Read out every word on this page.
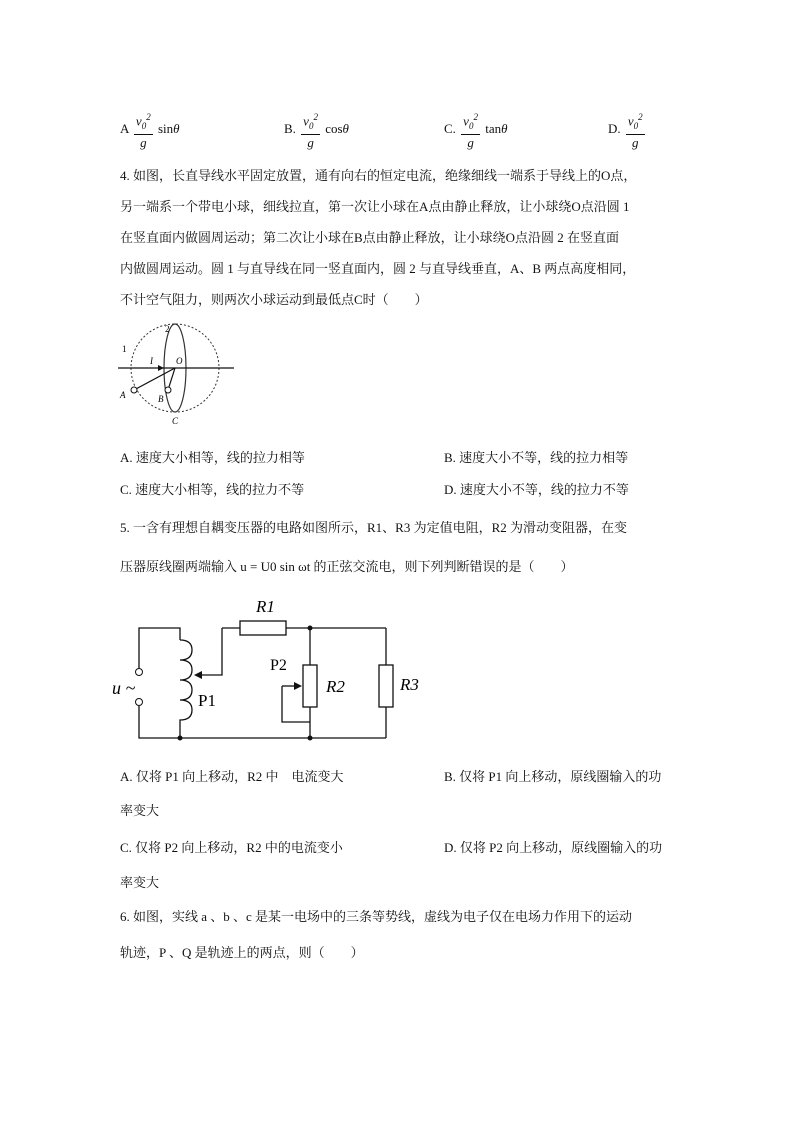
A $\frac{v_0^2}{g}$ sinθ	B. $\frac{v_0^2}{g}$ cosθ	C. $\frac{v_0^2}{g}$ tanθ	D. $\frac{v_0^2}{g}$
4. 如图，长直导线水平固定放置，通有向右的恒定电流，绝缘细线一端系于导线上的O点，
另一端系一个带电小球，细线拉直，第一次让小球在A点由静止释放，让小球绕O点沿圆 1
在竖直面内做圆周运动；第二次让小球在B点由静止释放，让小球绕O点沿圆 2 在竖直面
内做圆周运动。圆 1 与直导线在同一竖直面内，圆 2 与直导线垂直，A、B 两点高度相同，
不计空气阻力，则两次小球运动到最低点C时（　　）
1
2
I	O
A	B
C
A. 速度大小相等，线的拉力相等	B. 速度大小不等，线的拉力相等
C. 速度大小相等，线的拉力不等	D. 速度大小不等，线的拉力不等
5. 一含有理想自耦变压器的电路如图所示，R1、R3 为定值电阻，R2 为滑动变阻器，在变
压器原线圈两端输入 u = U0 sin ωt 的正弦交流电，则下列判断错误的是（　　）
R1
P2
R2	R3
P1
u ~
A. 仅将 P1 向上移动，R2 中　电流变大	B. 仅将 P1 向上移动，原线圈输入的功
率变大
C. 仅将 P2 向上移动，R2 中的电流变小	D. 仅将 P2 向上移动，原线圈输入的功
率变大
6. 如图，实线 a 、b 、c 是某一电场中的三条等势线，虚线为电子仅在电场力作用下的运动
轨迹，P 、Q 是轨迹上的两点，则（　　）
